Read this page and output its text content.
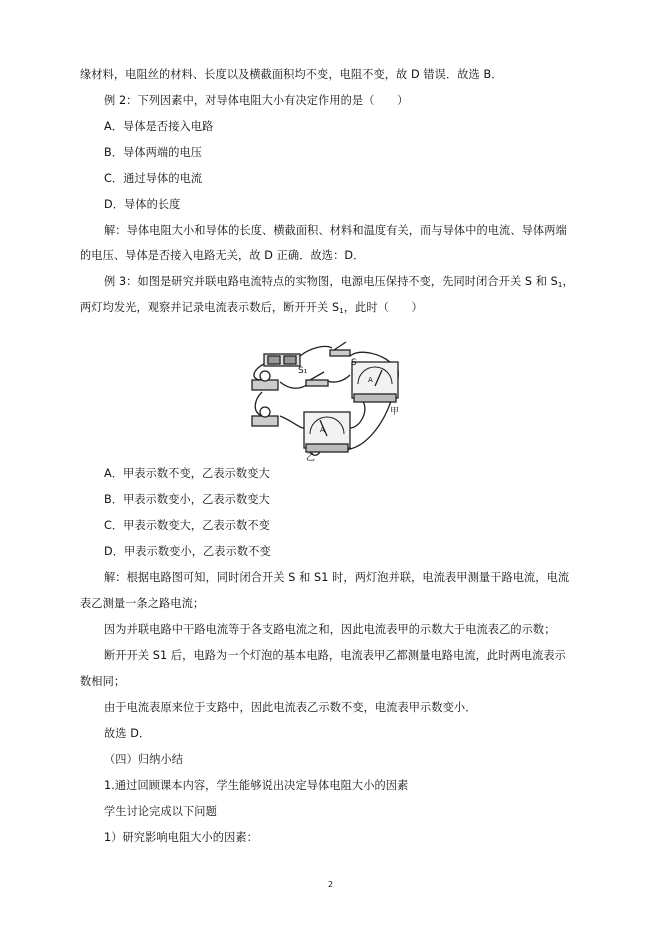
缘材料，电阻丝的材料、长度以及横截面积均不变，电阻不变，故 D 错误．故选 B．
例 2：下列因素中，对导体电阻大小有决定作用的是（　　）
A．导体是否接入电路
B．导体两端的电压
C．通过导体的电流
D．导体的长度
解：导体电阻大小和导体的长度、横截面积、材料和温度有关，而与导体中的电流、导体两端
的电压、导体是否接入电路无关，故 D 正确．故选：D．
例 3：如图是研究并联电路电流特点的实物图，电源电压保持不变，先同时闭合开关 S 和 $S_1$，
两灯均发光，观察并记录电流表示数后，断开开关 $S_1$，此时（　　）
S
S₁
A
A
甲
乙
A．甲表示数不变，乙表示数变大
B．甲表示数变小，乙表示数变大
C．甲表示数变大，乙表示数不变
D．甲表示数变小，乙表示数不变
解：根据电路图可知，同时闭合开关 S 和 S1 时，两灯泡并联，电流表甲测量干路电流，电流
表乙测量一条之路电流；
因为并联电路中干路电流等于各支路电流之和，因此电流表甲的示数大于电流表乙的示数；
断开开关 S1 后，电路为一个灯泡的基本电路，电流表甲乙都测量电路电流，此时两电流表示
数相同；
由于电流表原来位于支路中，因此电流表乙示数不变，电流表甲示数变小．
故选 D．
（四）归纳小结
1.通过回顾课本内容，学生能够说出决定导体电阻大小的因素
学生讨论完成以下问题
1）研究影响电阻大小的因素：
2
